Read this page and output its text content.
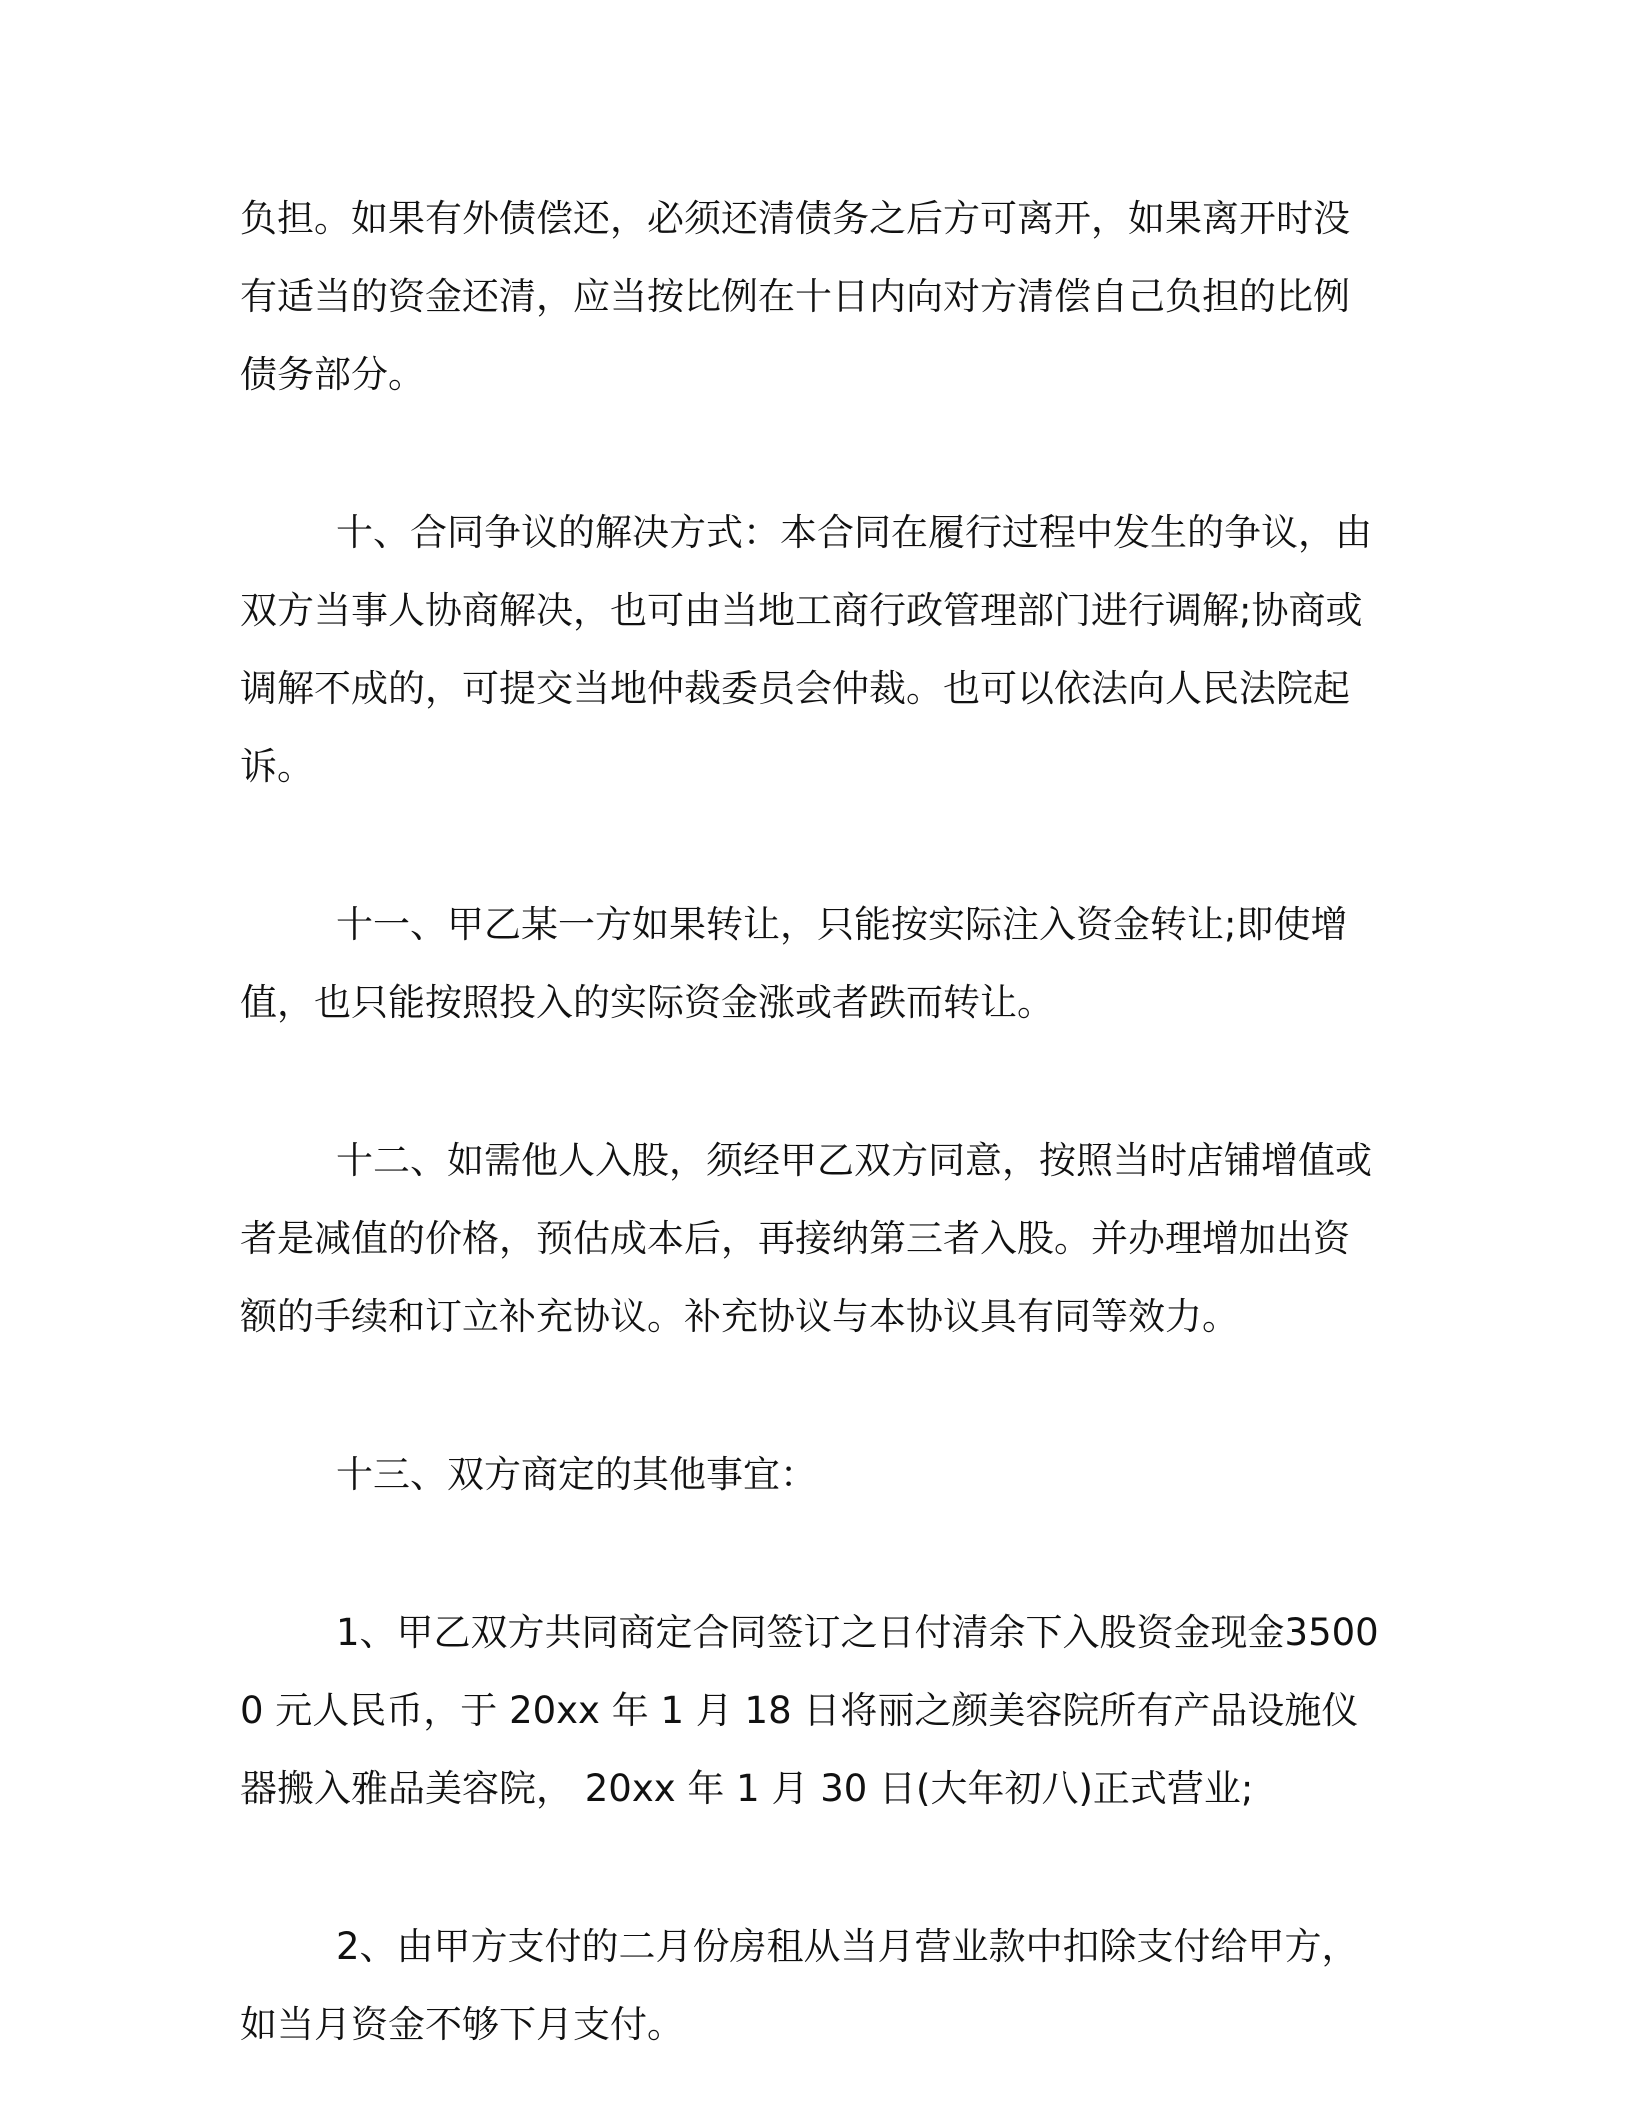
负担。如果有外债偿还，必须还清债务之后方可离开，如果离开时没有适当的资金还清，应当按比例在十日内向对方清偿自己负担的比例债务部分。

十、合同争议的解决方式：本合同在履行过程中发生的争议，由双方当事人协商解决，也可由当地工商行政管理部门进行调解;协商或调解不成的，可提交当地仲裁委员会仲裁。也可以依法向人民法院起诉。

十一、甲乙某一方如果转让，只能按实际注入资金转让;即使增值，也只能按照投入的实际资金涨或者跌而转让。

十二、如需他人入股，须经甲乙双方同意，按照当时店铺增值或者是减值的价格，预估成本后，再接纳第三者入股。并办理增加出资额的手续和订立补充协议。补充协议与本协议具有同等效力。

十三、双方商定的其他事宜：

1、甲乙双方共同商定合同签订之日付清余下入股资金现金35000 元人民币，于 20xx 年 1 月 18 日将丽之颜美容院所有产品设施仪器搬入雅品美容院， 20xx 年 1 月 30 日(大年初八)正式营业;

2、由甲方支付的二月份房租从当月营业款中扣除支付给甲方，如当月资金不够下月支付。
